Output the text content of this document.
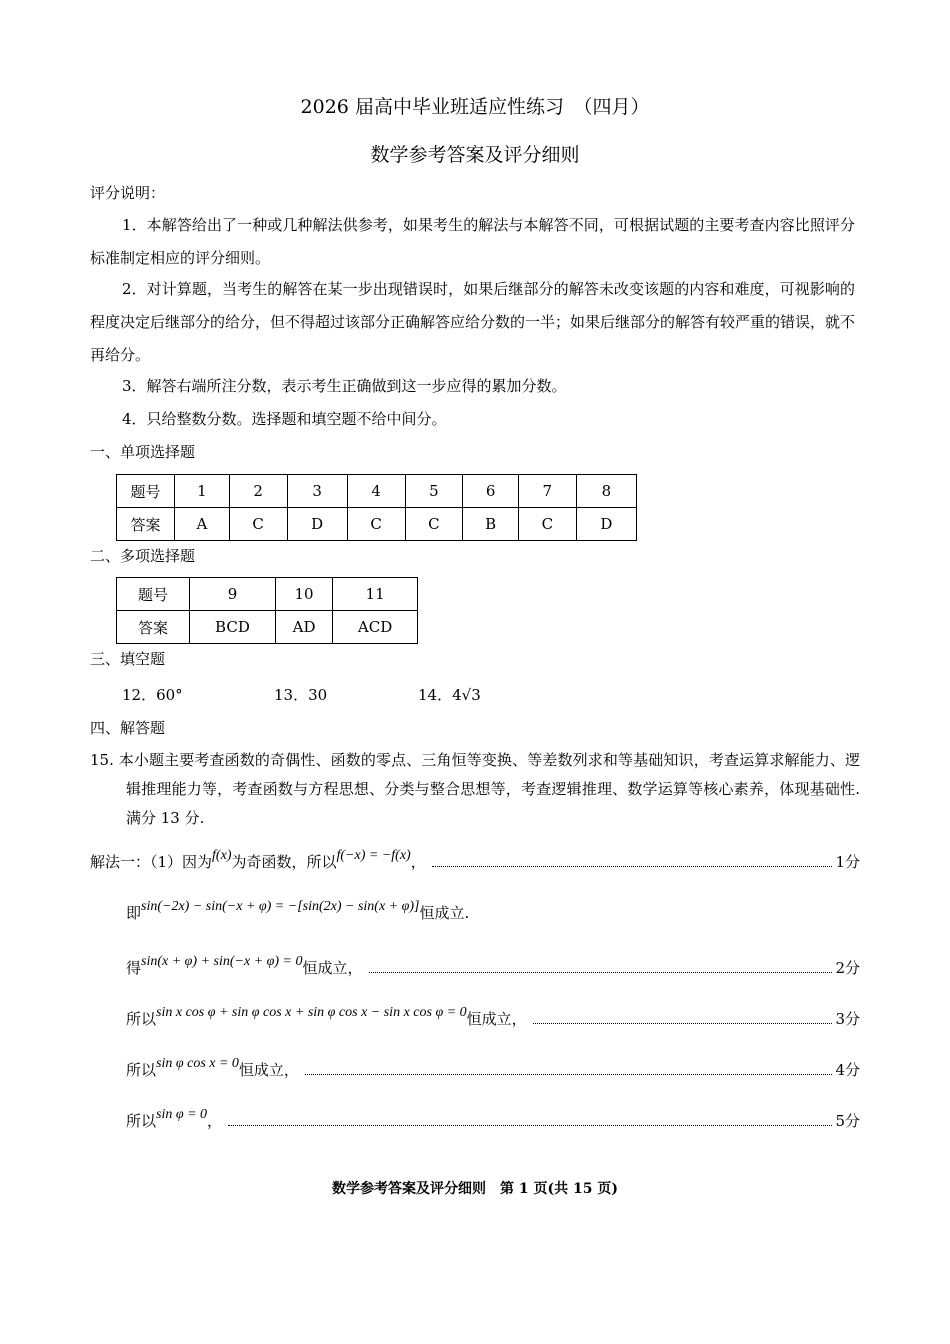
2026 届高中毕业班适应性练习　（四月）
数学参考答案及评分细则
评分说明：
1．本解答给出了一种或几种解法供参考，如果考生的解法与本解答不同，可根据试题的主要考查内容比照评分标准制定相应的评分细则。
2．对计算题，当考生的解答在某一步出现错误时，如果后继部分的解答未改变该题的内容和难度，可视影响的程度决定后继部分的给分，但不得超过该部分正确解答应给分数的一半；如果后继部分的解答有较严重的错误，就不再给分。
3．解答右端所注分数，表示考生正确做到这一步应得的累加分数。
4．只给整数分数。选择题和填空题不给中间分。
一、单项选择题
题号	1	2	3	4	5	6	7	8
答案	A	C	D	C	C	B	C	D
二、多项选择题
题号	9	10	11
答案	BCD	AD	ACD
三、填空题
12．60°	13．30	14．4√3
四、解答题
15. 本小题主要考查函数的奇偶性、函数的零点、三角恒等变换、等差数列求和等基础知识，考查运算求解能力、逻辑推理能力等，考查函数与方程思想、分类与整合思想等，考查逻辑推理、数学运算等核心素养，体现基础性. 满分 13 分.
解法一：（1）因为 f(x) 为奇函数，所以 f(−x) = −f(x) ，	1分
即 sin(−2x) − sin(−x + φ) = −[sin(2x) − sin(x + φ)] 恒成立.
得 sin(x + φ) + sin(−x + φ) = 0 恒成立，	2分
所以 sin x cos φ + sin φ cos x + sin φ cos x − sin x cos φ = 0 恒成立，	3分
所以 sin φ cos x = 0 恒成立，	4分
所以 sin φ = 0 ，	5分
数学参考答案及评分细则　第 1 页(共 15 页)
